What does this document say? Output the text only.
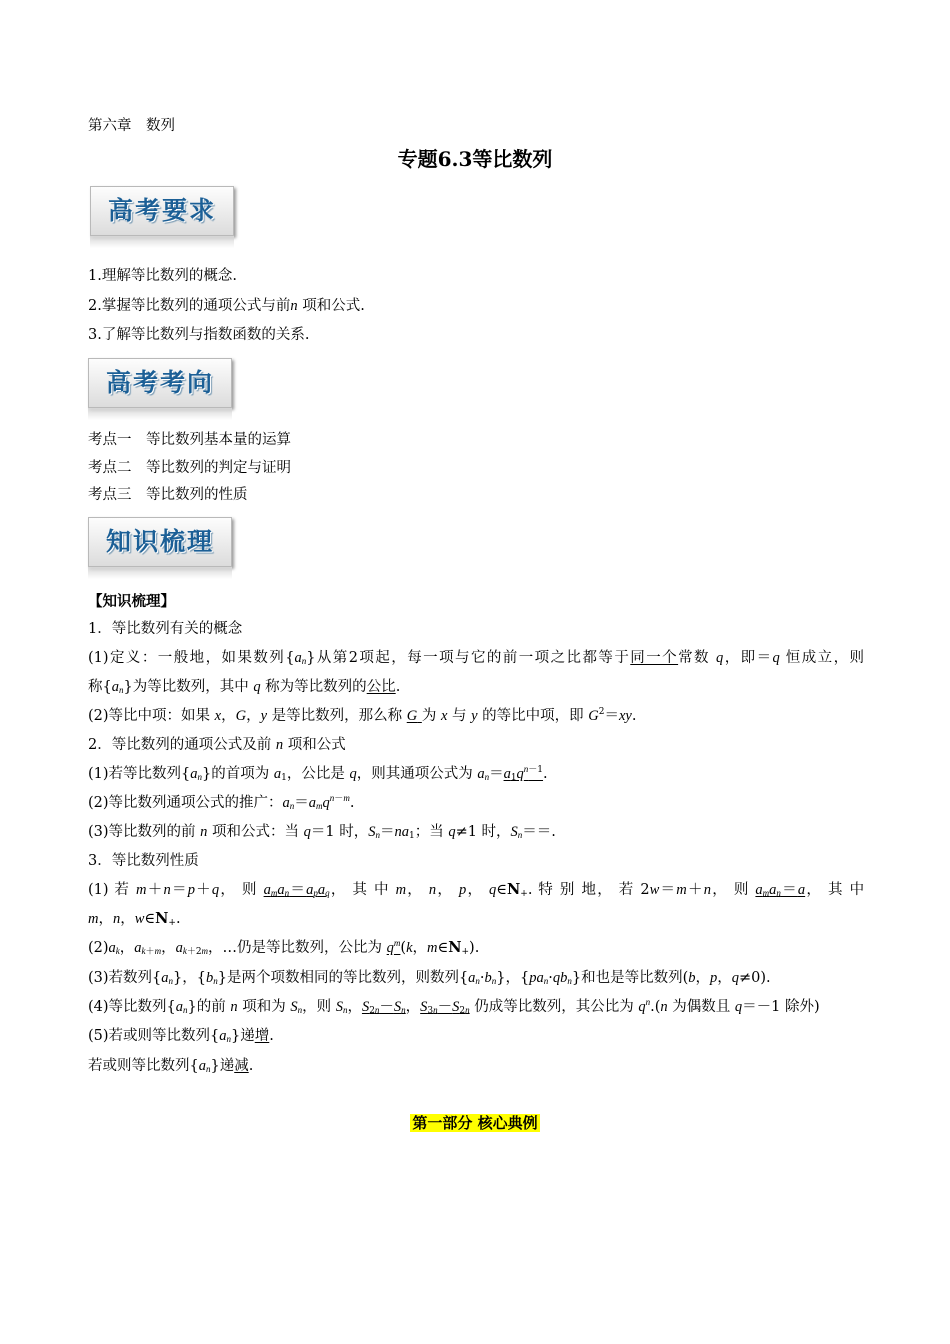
第六章　数列
专题6.3等比数列
高考要求
1.理解等比数列的概念.
2.掌握等比数列的通项公式与前n 项和公式.
3.了解等比数列与指数函数的关系.
高考考向
考点一　等比数列基本量的运算
考点二　等比数列的判定与证明
考点三　等比数列的性质
知识梳理
【知识梳理】
1．等比数列有关的概念
(1)定义：一般地，如果数列$\{a_n\}$从第2项起，每一项与它的前一项之比都等于同一个常数 q，即＝q 恒成立，则
称$\{a_n\}$为等比数列，其中 q 称为等比数列的公比.
(2)等比中项：如果 x，G，y 是等比数列，那么称 G 为 x 与 y 的等比中项，即 $G^2=xy$.
2．等比数列的通项公式及前 n 项和公式
(1)若等比数列$\{a_n\}$的首项为 $a_1$，公比是 q，则其通项公式为 $a_n=a_1q^{n-1}$.
(2)等比数列通项公式的推广：$a_n=a_mq^{n-m}$.
(3)等比数列的前 n 项和公式：当 q＝1 时，$S_n=na_1$；当 q≠1 时，$S_n==$.
3．等比数列性质
(1) 若 m＋n＝p＋q， 则 $a_ma_n=a_pa_q$， 其 中 m， n， p， $q\in N_+$. 特 别 地， 若 2w＝m＋n， 则 $a_ma_n=a$， 其 中
m，n，$w\in N_+$.
$(2)a_k$，$a_{k+m}$，$a_{k+2m}$，…仍是等比数列，公比为 $q^m(k$，$m\in N_+$).
(3)若数列$\{a_n\}$，$\{b_n\}$是两个项数相同的等比数列，则数列$\{a_n\cdot b_n\}$，$\{pa_n\cdot qb_n\}$和也是等比数列(b，p，q≠0).
(4)等比数列$\{a_n\}$的前 n 项和为 $S_n$，则 $S_n$，$S_{2n}-S_n$，$S_{3n}-S_{2n}$ 仍成等比数列，其公比为 $q^n.(n$ 为偶数且 q＝－1 除外)
(5)若或则等比数列$\{a_n\}$递增.
若或则等比数列$\{a_n\}$递减.
第一部分 核心典例
